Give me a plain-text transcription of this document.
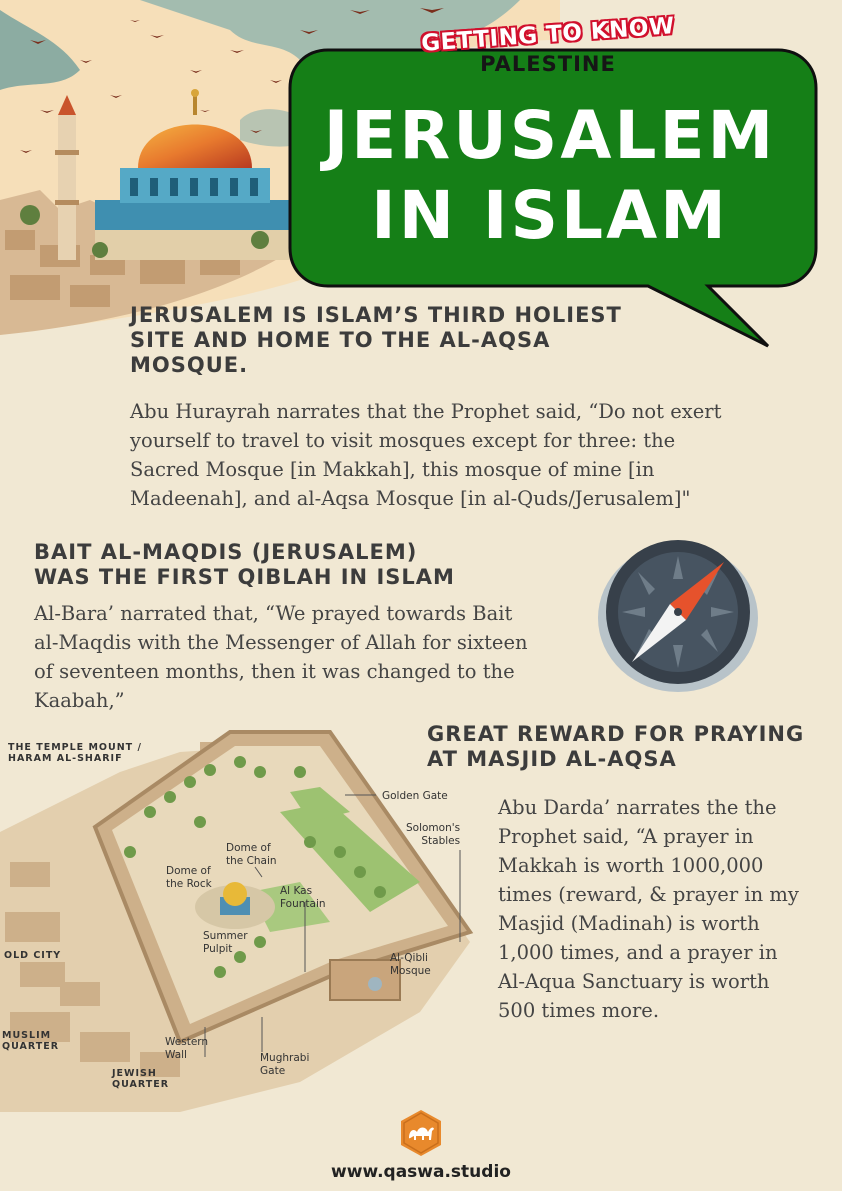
GETTING TO KNOW
PALESTINE
JERUSALEM
IN ISLAM
JERUSALEM IS ISLAM’S THIRD HOLIEST
SITE AND HOME TO THE AL-AQSA
MOSQUE.
Abu Hurayrah narrates that the Prophet said, “Do not exert
yourself to travel to visit mosques except for three: the
Sacred Mosque [in Makkah], this mosque of mine [in
Madeenah], and al-Aqsa Mosque [in al-Quds/Jerusalem]"
BAIT AL-MAQDIS (JERUSALEM)
WAS THE FIRST QIBLAH IN ISLAM
Al-Bara’ narrated that, “We prayed towards Bait
al-Maqdis with the Messenger of Allah for sixteen
of seventeen months, then it was changed to the
Kaabah,”
THE TEMPLE MOUNT /
HARAM AL-SHARIF
Golden Gate
Solomon's
Stables
Dome of
the Chain
Dome of
the Rock
Al Kas
Fountain
Summer
Pulpit
OLD CITY	Al-Qibli
Mosque
MUSLIM
QUARTER	Western
Wall	Mughrabi
Gate
JEWISH
QUARTER
GREAT REWARD FOR PRAYING
AT MASJID AL-AQSA
Abu Darda’ narrates the the
Prophet said, “A prayer in
Makkah is worth 1000,000
times (reward, & prayer in my
Masjid (Madinah) is worth
1,000 times, and a prayer in
Al-Aqua Sanctuary is worth
500 times more.
www.qaswa.studio
